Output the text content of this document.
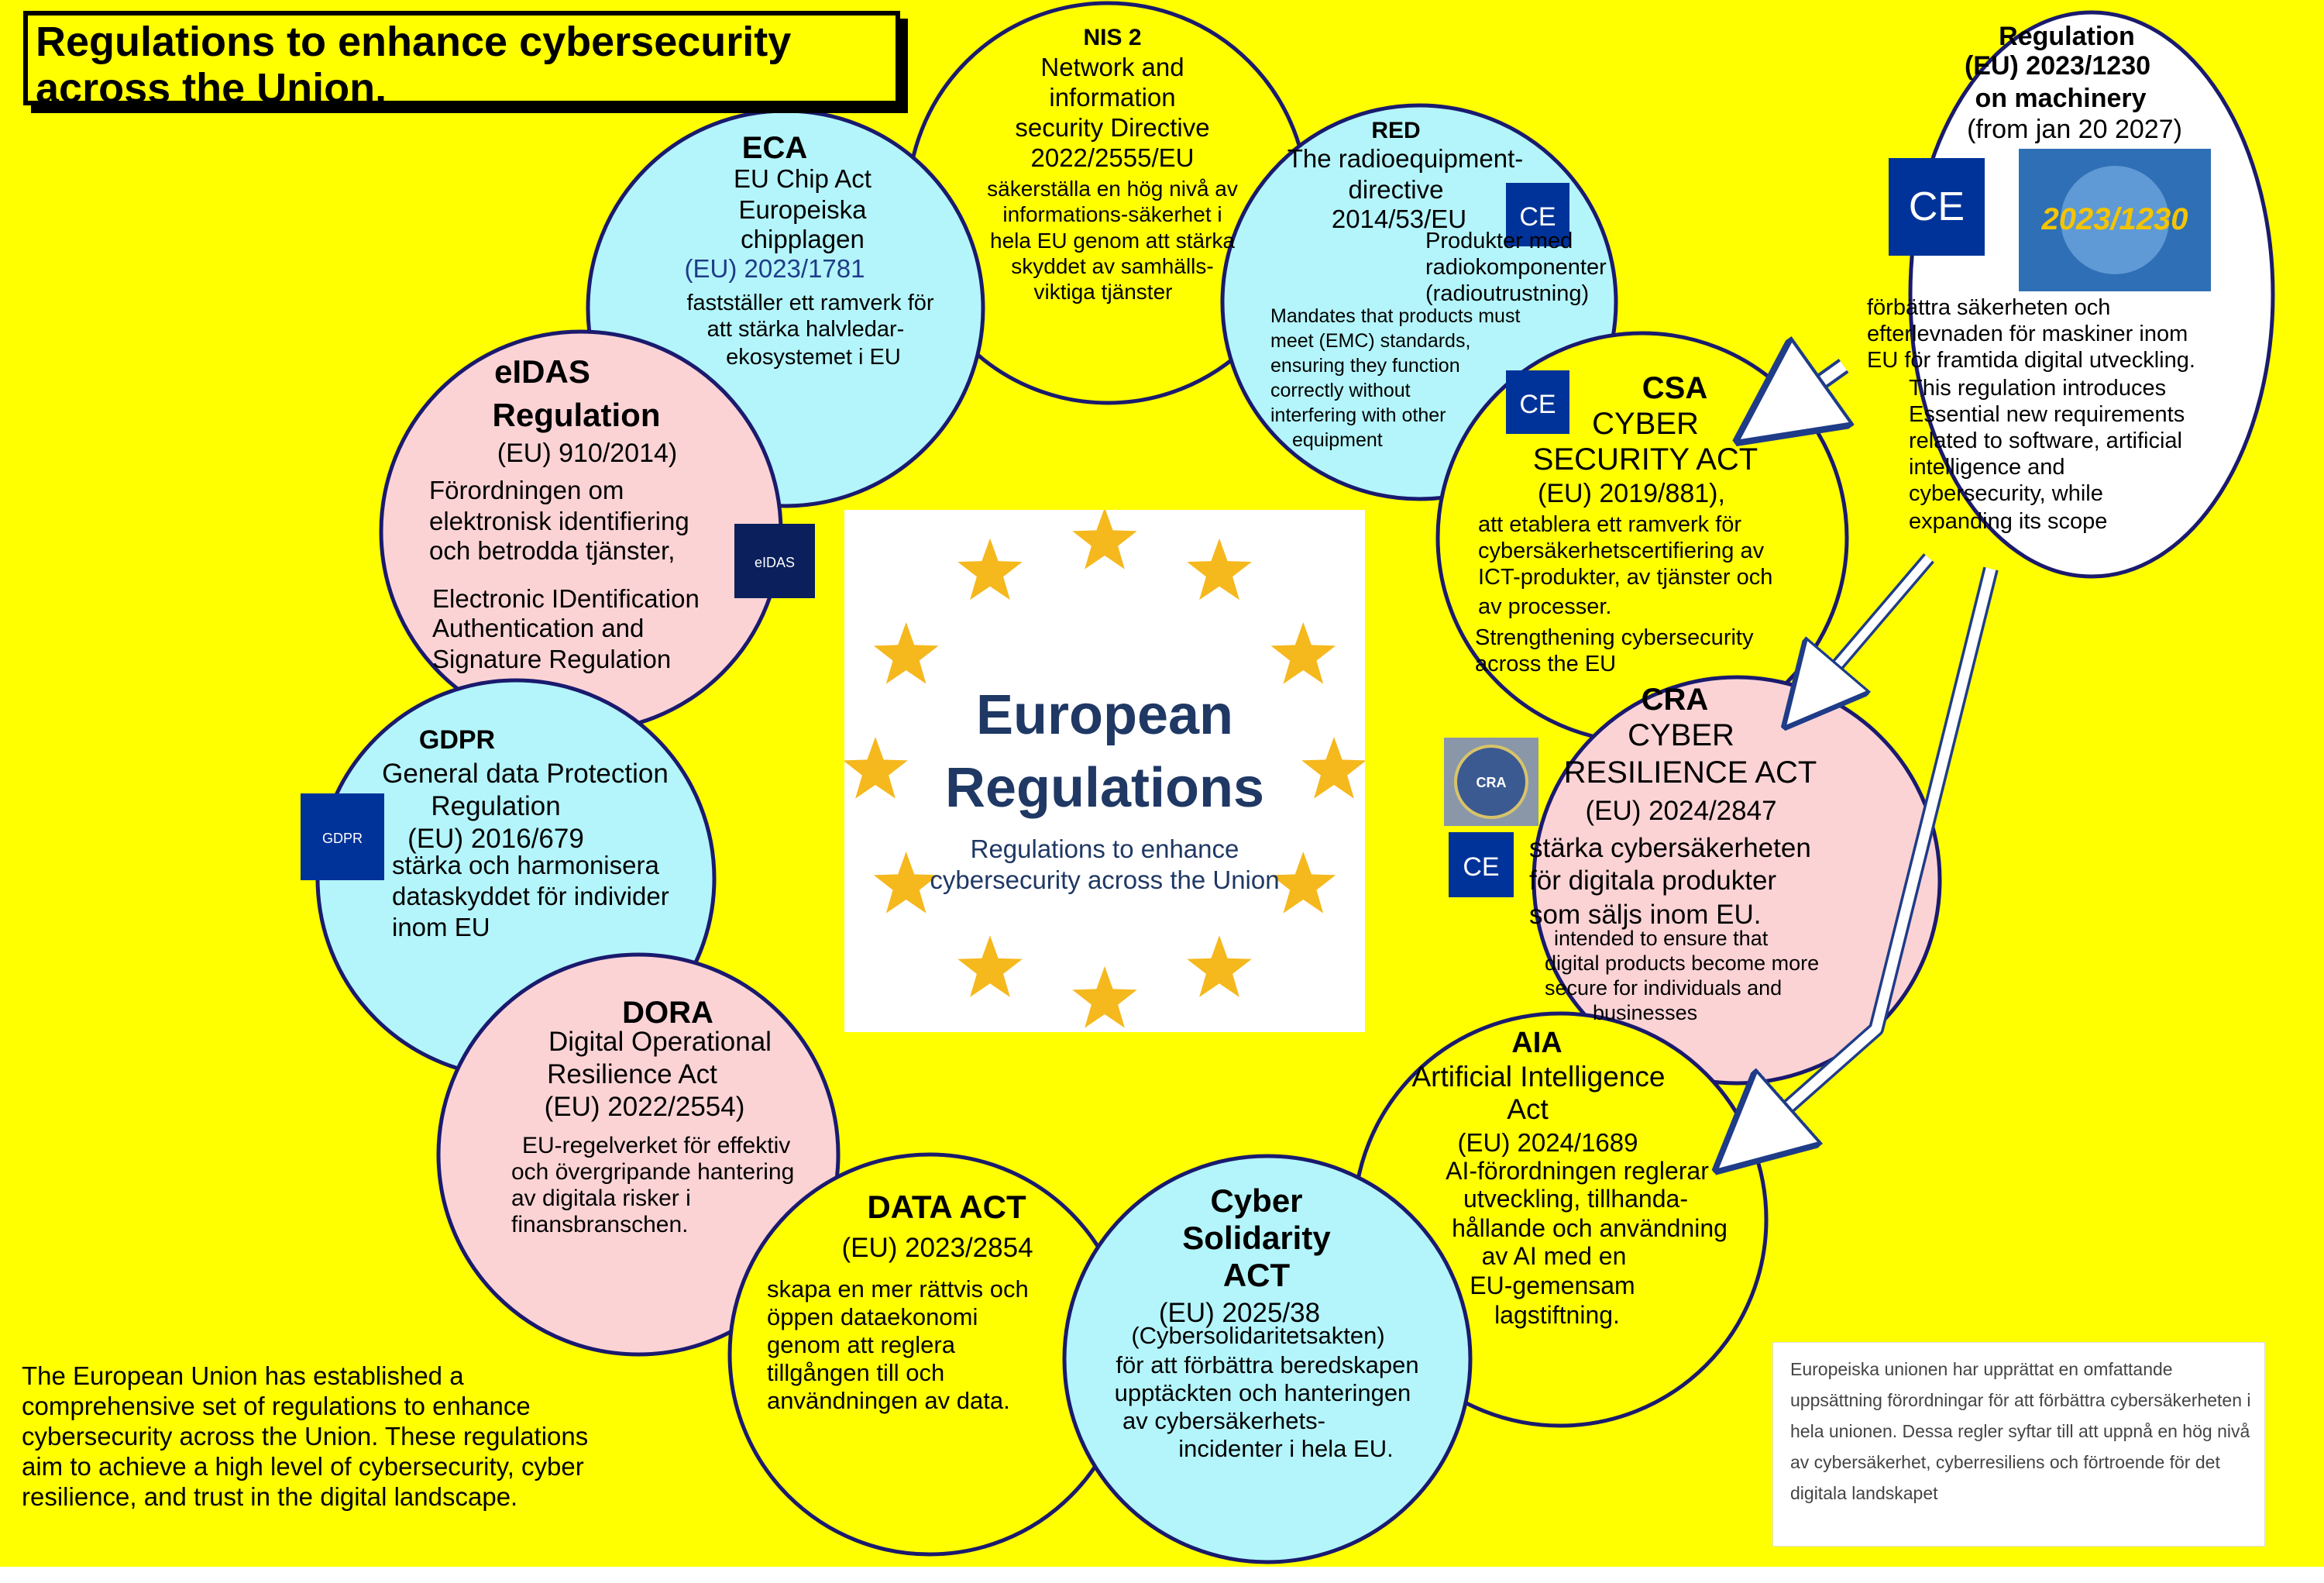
CE
CE
CE
CE 2023/1230
eIDAS
GDPR
CRA
NIS 2
Network and
information
security Directive
2022/2555/EU
säkerställa en hög nivå av
informations-säkerhet i
hela EU genom att stärka
skyddet av samhälls-
viktiga tjänster
ECA
EU Chip Act
Europeiska
chipplagen
(EU) 2023/1781
fastställer ett ramverk för
att stärka halvledar-
ekosystemet i EU
RED
The radioequipment-
directive
2014/53/EU
Produkter med
radiokomponenter
(radioutrustning)
Mandates that products must
meet (EMC) standards,
ensuring they function
correctly without
interfering with other
equipment
eIDAS
Regulation
(EU) 910/2014)
Förordningen om
elektronisk identifiering
och betrodda tjänster,
Electronic IDentification
Authentication and
Signature Regulation
CSA
CYBER
SECURITY ACT
(EU) 2019/881),
att etablera ett ramverk för
cybersäkerhetscertifiering av
ICT-produkter, av tjänster och
av processer.
Strengthening cybersecurity
across the EU
GDPR
General data Protection
Regulation
(EU) 2016/679
stärka och harmonisera
dataskyddet för individer
inom EU
CRA
CYBER
RESILIENCE ACT
(EU) 2024/2847
stärka cybersäkerheten
för digitala produkter
som säljs inom EU.
intended to ensure that
digital products become more
secure for individuals and
businesses
DORA
Digital Operational
Resilience Act
(EU) 2022/2554)
EU-regelverket för effektiv
och övergripande hantering
av digitala risker i
finansbranschen.
AIA
Artificial Intelligence
Act
(EU) 2024/1689
AI-förordningen reglerar
utveckling, tillhanda-
hållande och användning
av AI med en
EU-gemensam
lagstiftning.
DATA ACT
(EU) 2023/2854
skapa en mer rättvis och
öppen dataekonomi
genom att reglera
tillgången till och
användningen av data.
Cyber
Solidarity
ACT
(EU) 2025/38
(Cybersolidaritetsakten)
för att förbättra beredskapen
upptäckten och hanteringen
av cybersäkerhets-
incidenter i hela EU.
Regulation
(EU) 2023/1230
on machinery
(from jan 20 2027)
förbättra säkerheten och
efterlevnaden för maskiner inom
EU för framtida digital utveckling.
This regulation introduces
Essential new requirements
related to software, artificial
intelligence and
cybersecurity, while
expanding its scope
Regulations to enhance cybersecurity across the Union.
European Regulations
Regulations to enhance cybersecurity across the Union
The European Union has established a comprehensive set of regulations to enhance cybersecurity across the Union. These regulations aim to achieve a high level of cybersecurity, cyber resilience, and trust in the digital landscape.
Europeiska unionen har upprättat en omfattande uppsättning förordningar för att förbättra cybersäkerheten i hela unionen. Dessa regler syftar till att uppnå en hög nivå av cybersäkerhet, cyberresiliens och förtroende för det digitala landskapet
